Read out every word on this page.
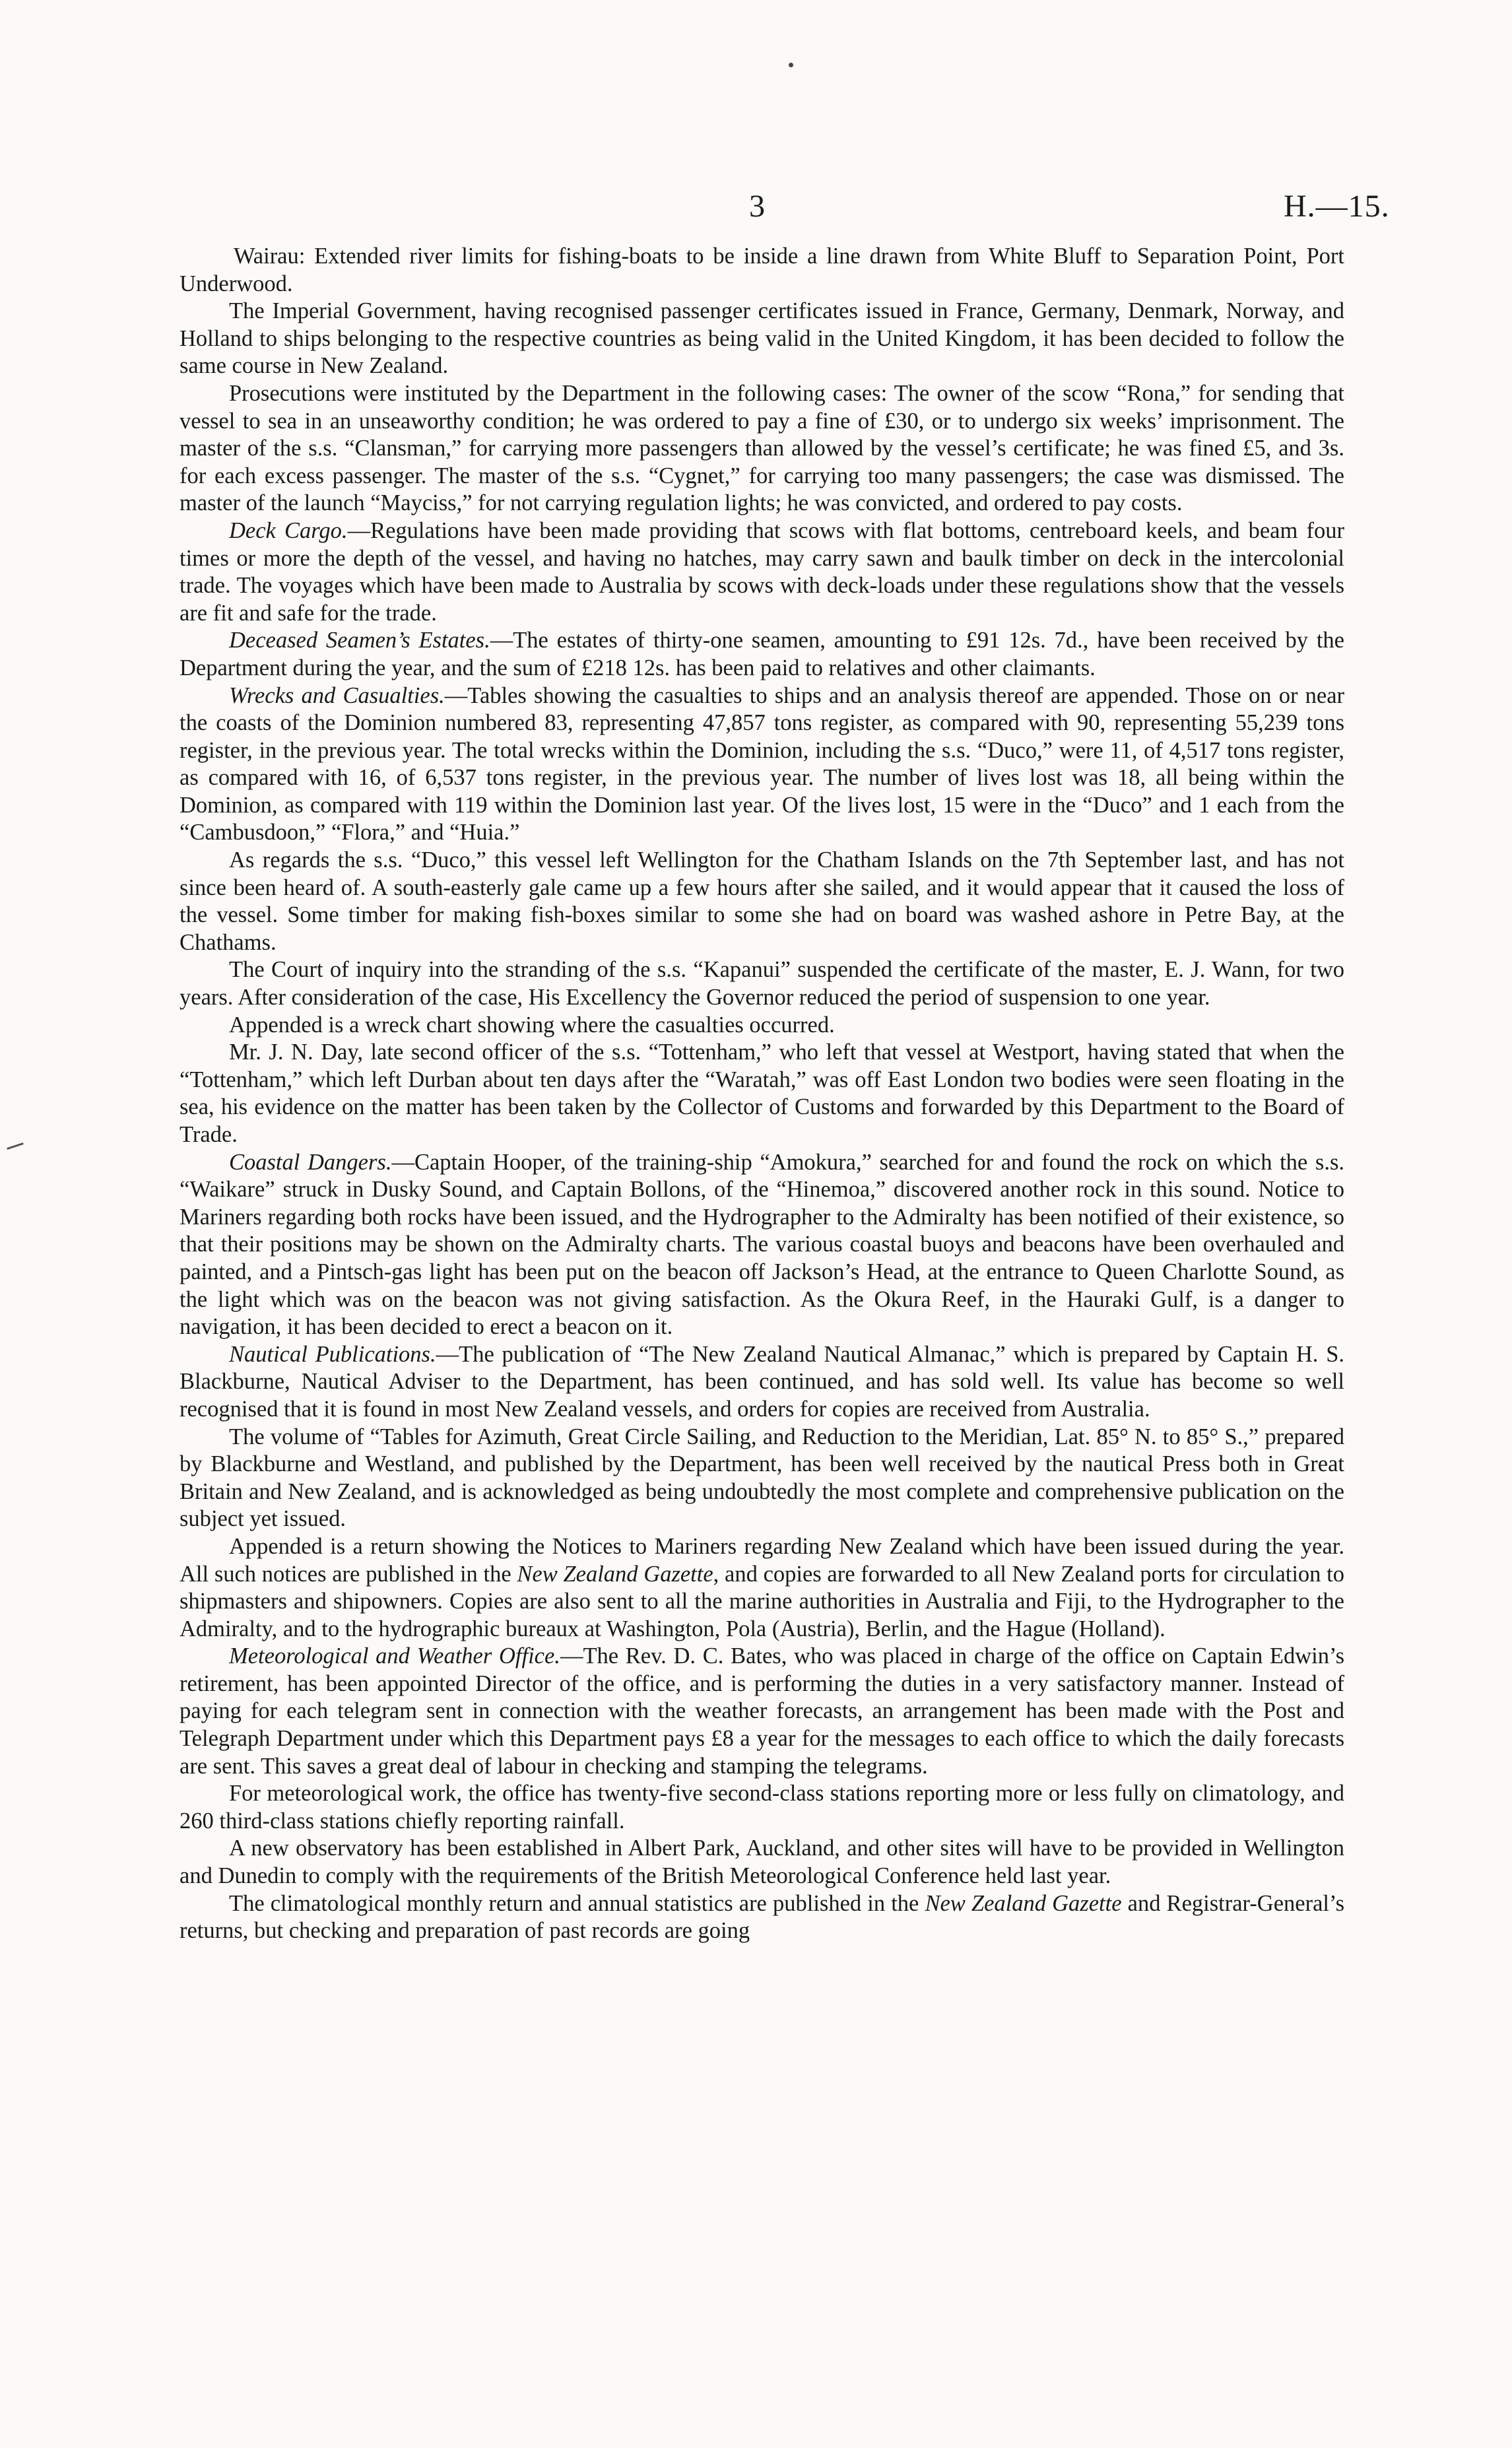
3	H.—15.

Wairau: Extended river limits for fishing-boats to be inside a line drawn from White Bluff to Separation Point, Port Underwood.

The Imperial Government, having recognised passenger certificates issued in France, Germany, Denmark, Norway, and Holland to ships belonging to the respective countries as being valid in the United Kingdom, it has been decided to follow the same course in New Zealand.

Prosecutions were instituted by the Department in the following cases: The owner of the scow “Rona,” for sending that vessel to sea in an unseaworthy condition; he was ordered to pay a fine of £30, or to undergo six weeks’ imprisonment. The master of the s.s. “Clansman,” for carrying more passengers than allowed by the vessel’s certificate; he was fined £5, and 3s. for each excess passenger. The master of the s.s. “Cygnet,” for carrying too many passengers; the case was dismissed. The master of the launch “Mayciss,” for not carrying regulation lights; he was convicted, and ordered to pay costs.

Deck Cargo.—Regulations have been made providing that scows with flat bottoms, centreboard keels, and beam four times or more the depth of the vessel, and having no hatches, may carry sawn and baulk timber on deck in the intercolonial trade. The voyages which have been made to Australia by scows with deck-loads under these regulations show that the vessels are fit and safe for the trade.

Deceased Seamen’s Estates.—The estates of thirty-one seamen, amounting to £91 12s. 7d., have been received by the Department during the year, and the sum of £218 12s. has been paid to relatives and other claimants.

Wrecks and Casualties.—Tables showing the casualties to ships and an analysis thereof are appended. Those on or near the coasts of the Dominion numbered 83, representing 47,857 tons register, as compared with 90, representing 55,239 tons register, in the previous year. The total wrecks within the Dominion, including the s.s. “Duco,” were 11, of 4,517 tons register, as compared with 16, of 6,537 tons register, in the previous year. The number of lives lost was 18, all being within the Dominion, as compared with 119 within the Dominion last year. Of the lives lost, 15 were in the “Duco” and 1 each from the “Cambusdoon,” “Flora,” and “Huia.”

As regards the s.s. “Duco,” this vessel left Wellington for the Chatham Islands on the 7th September last, and has not since been heard of. A south-easterly gale came up a few hours after she sailed, and it would appear that it caused the loss of the vessel. Some timber for making fish-boxes similar to some she had on board was washed ashore in Petre Bay, at the Chathams.

The Court of inquiry into the stranding of the s.s. “Kapanui” suspended the certificate of the master, E. J. Wann, for two years. After consideration of the case, His Excellency the Governor reduced the period of suspension to one year.

Appended is a wreck chart showing where the casualties occurred.

Mr. J. N. Day, late second officer of the s.s. “Tottenham,” who left that vessel at Westport, having stated that when the “Tottenham,” which left Durban about ten days after the “Waratah,” was off East London two bodies were seen floating in the sea, his evidence on the matter has been taken by the Collector of Customs and forwarded by this Department to the Board of Trade.

Coastal Dangers.—Captain Hooper, of the training-ship “Amokura,” searched for and found the rock on which the s.s. “Waikare” struck in Dusky Sound, and Captain Bollons, of the “Hinemoa,” discovered another rock in this sound. Notice to Mariners regarding both rocks have been issued, and the Hydrographer to the Admiralty has been notified of their existence, so that their positions may be shown on the Admiralty charts. The various coastal buoys and beacons have been overhauled and painted, and a Pintsch-gas light has been put on the beacon off Jackson’s Head, at the entrance to Queen Charlotte Sound, as the light which was on the beacon was not giving satisfaction. As the Okura Reef, in the Hauraki Gulf, is a danger to navigation, it has been decided to erect a beacon on it.

Nautical Publications.—The publication of “The New Zealand Nautical Almanac,” which is prepared by Captain H. S. Blackburne, Nautical Adviser to the Department, has been continued, and has sold well. Its value has become so well recognised that it is found in most New Zealand vessels, and orders for copies are received from Australia.

The volume of “Tables for Azimuth, Great Circle Sailing, and Reduction to the Meridian, Lat. 85° N. to 85° S.,” prepared by Blackburne and Westland, and published by the Department, has been well received by the nautical Press both in Great Britain and New Zealand, and is acknowledged as being undoubtedly the most complete and comprehensive publication on the subject yet issued.

Appended is a return showing the Notices to Mariners regarding New Zealand which have been issued during the year. All such notices are published in the New Zealand Gazette, and copies are forwarded to all New Zealand ports for circulation to shipmasters and shipowners. Copies are also sent to all the marine authorities in Australia and Fiji, to the Hydrographer to the Admiralty, and to the hydrographic bureaux at Washington, Pola (Austria), Berlin, and the Hague (Holland).

Meteorological and Weather Office.—The Rev. D. C. Bates, who was placed in charge of the office on Captain Edwin’s retirement, has been appointed Director of the office, and is performing the duties in a very satisfactory manner. Instead of paying for each telegram sent in connection with the weather forecasts, an arrangement has been made with the Post and Telegraph Department under which this Department pays £8 a year for the messages to each office to which the daily forecasts are sent. This saves a great deal of labour in checking and stamping the telegrams.

For meteorological work, the office has twenty-five second-class stations reporting more or less fully on climatology, and 260 third-class stations chiefly reporting rainfall.

A new observatory has been established in Albert Park, Auckland, and other sites will have to be provided in Wellington and Dunedin to comply with the requirements of the British Meteorological Conference held last year.

The climatological monthly return and annual statistics are published in the New Zealand Gazette and Registrar-General’s returns, but checking and preparation of past records are going
